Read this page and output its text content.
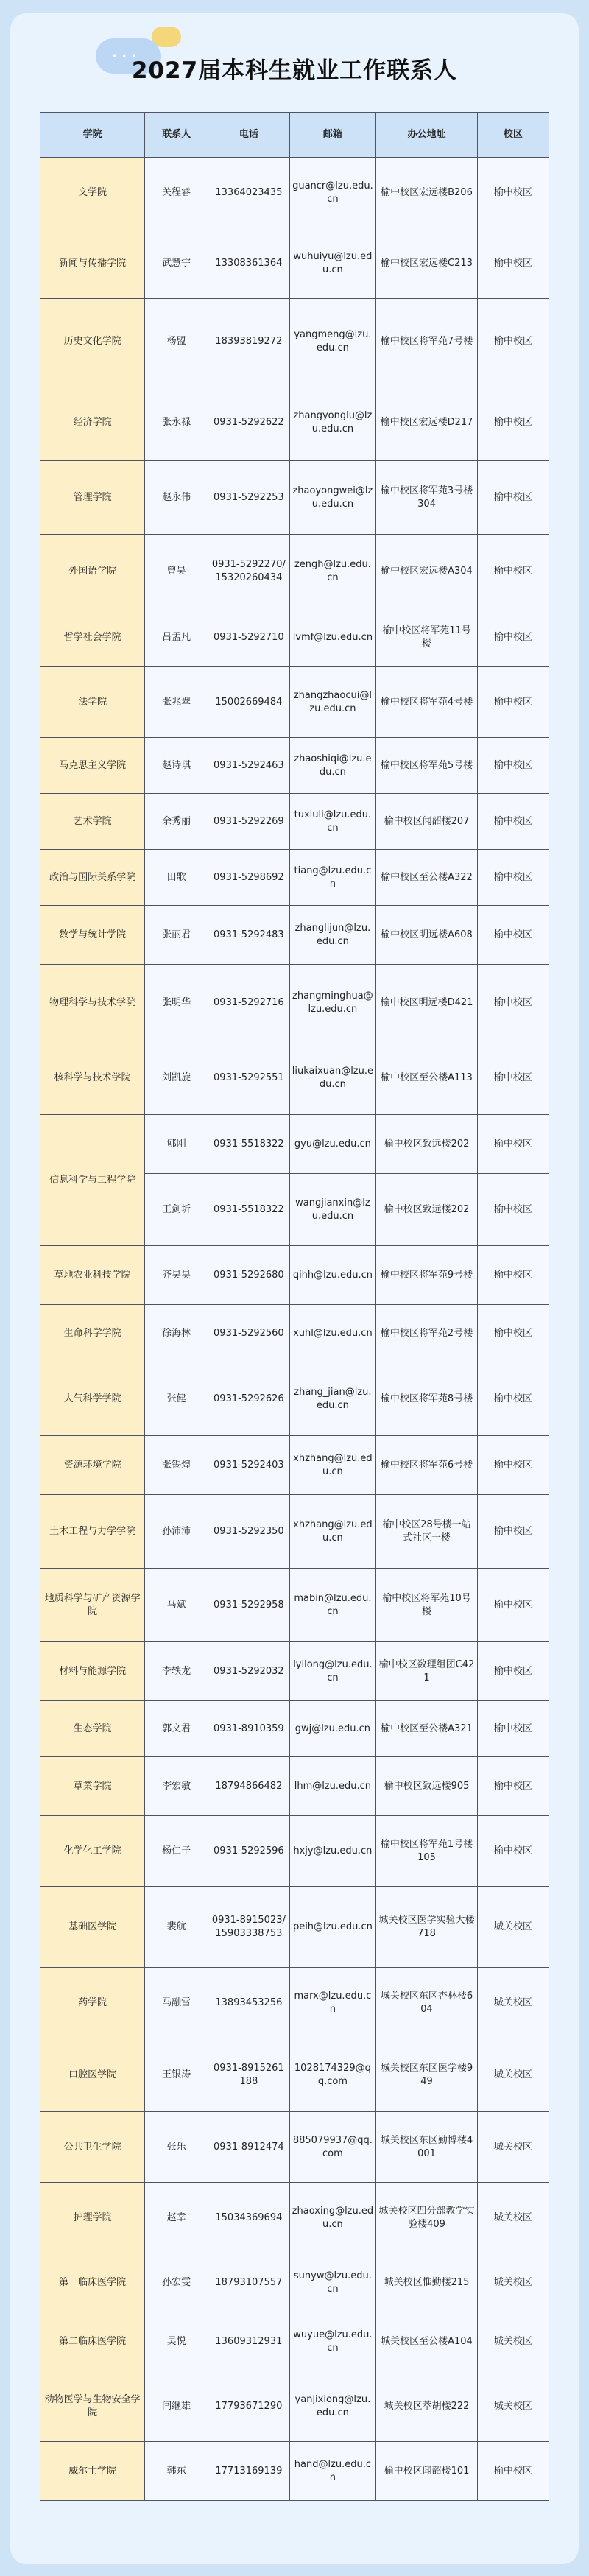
•••
2027届本科生就业工作联系人
学院	联系人	电话	邮箱	办公地址	校区
文学院	关程睿	13364023435	guancr@lzu.edu.cn	榆中校区宏远楼B206	榆中校区
新闻与传播学院	武慧宇	13308361364	wuhuiyu@lzu.edu.cn	榆中校区宏远楼C213	榆中校区
历史文化学院	杨盟	18393819272	yangmeng@lzu.edu.cn	榆中校区将军苑7号楼	榆中校区
经济学院	张永禄	0931-5292622	zhangyonglu@lzu.edu.cn	榆中校区宏远楼D217	榆中校区
管理学院	赵永伟	0931-5292253	zhaoyongwei@lzu.edu.cn	榆中校区将军苑3号楼304	榆中校区
外国语学院	曾昊	0931-5292270/15320260434	zengh@lzu.edu.cn	榆中校区宏远楼A304	榆中校区
哲学社会学院	吕孟凡	0931-5292710	lvmf@lzu.edu.cn	榆中校区将军苑11号楼	榆中校区
法学院	张兆翠	15002669484	zhangzhaocui@lzu.edu.cn	榆中校区将军苑4号楼	榆中校区
马克思主义学院	赵诗琪	0931-5292463	zhaoshiqi@lzu.edu.cn	榆中校区将军苑5号楼	榆中校区
艺术学院	余秀丽	0931-5292269	tuxiuli@lzu.edu.cn	榆中校区闻韶楼207	榆中校区
政治与国际关系学院	田歌	0931-5298692	tiang@lzu.edu.cn	榆中校区至公楼A322	榆中校区
数学与统计学院	张丽君	0931-5292483	zhanglijun@lzu.edu.cn	榆中校区明远楼A608	榆中校区
物理科学与技术学院	张明华	0931-5292716	zhangminghua@lzu.edu.cn	榆中校区明远楼D421	榆中校区
核科学与技术学院	刘凯旋	0931-5292551	liukaixuan@lzu.edu.cn	榆中校区至公楼A113	榆中校区
信息科学与工程学院	郇刚	0931-5518322	gyu@lzu.edu.cn	榆中校区致远楼202	榆中校区
	王剑圻	0931-5518322	wangjianxin@lzu.edu.cn	榆中校区致远楼202	榆中校区
草地农业科技学院	齐昊昊	0931-5292680	qihh@lzu.edu.cn	榆中校区将军苑9号楼	榆中校区
生命科学学院	徐海林	0931-5292560	xuhl@lzu.edu.cn	榆中校区将军苑2号楼	榆中校区
大气科学学院	张健	0931-5292626	zhang_jian@lzu.edu.cn	榆中校区将军苑8号楼	榆中校区
资源环境学院	张锡煌	0931-5292403	xhzhang@lzu.edu.cn	榆中校区将军苑6号楼	榆中校区
土木工程与力学学院	孙沛沛	0931-5292350	xhzhang@lzu.edu.cn	榆中校区28号楼一站式社区一楼	榆中校区
地质科学与矿产资源学院	马斌	0931-5292958	mabin@lzu.edu.cn	榆中校区将军苑10号楼	榆中校区
材料与能源学院	李轶龙	0931-5292032	lyilong@lzu.edu.cn	榆中校区数理组团C421	榆中校区
生态学院	郭文君	0931-8910359	gwj@lzu.edu.cn	榆中校区至公楼A321	榆中校区
草業学院	李宏敏	18794866482	lhm@lzu.edu.cn	榆中校区致远楼905	榆中校区
化学化工学院	杨仁子	0931-5292596	hxjy@lzu.edu.cn	榆中校区将军苑1号楼105	榆中校区
基础医学院	裴航	0931-8915023/15903338753	peih@lzu.edu.cn	城关校区医学实验大楼718	城关校区
药学院	马融雪	13893453256	marx@lzu.edu.cn	城关校区东区杏林楼604	城关校区
口腔医学院	王银涛	0931-8915261188	1028174329@qq.com	城关校区东区医学楼949	城关校区
公共卫生学院	张乐	0931-8912474	885079937@qq.com	城关校区东区勤博楼4001	城关校区
护理学院	赵幸	15034369694	zhaoxing@lzu.edu.cn	城关校区四分部教学实验楼409	城关校区
第一临床医学院	孙宏雯	18793107557	sunyw@lzu.edu.cn	城关校区惟勤楼215	城关校区
第二临床医学院	吴悦	13609312931	wuyue@lzu.edu.cn	城关校区至公楼A104	城关校区
动物医学与生物安全学院	闫继雄	17793671290	yanjixiong@lzu.edu.cn	城关校区萃胡楼222	城关校区
威尔士学院	韩东	17713169139	hand@lzu.edu.cn	榆中校区闻韶楼101	榆中校区
